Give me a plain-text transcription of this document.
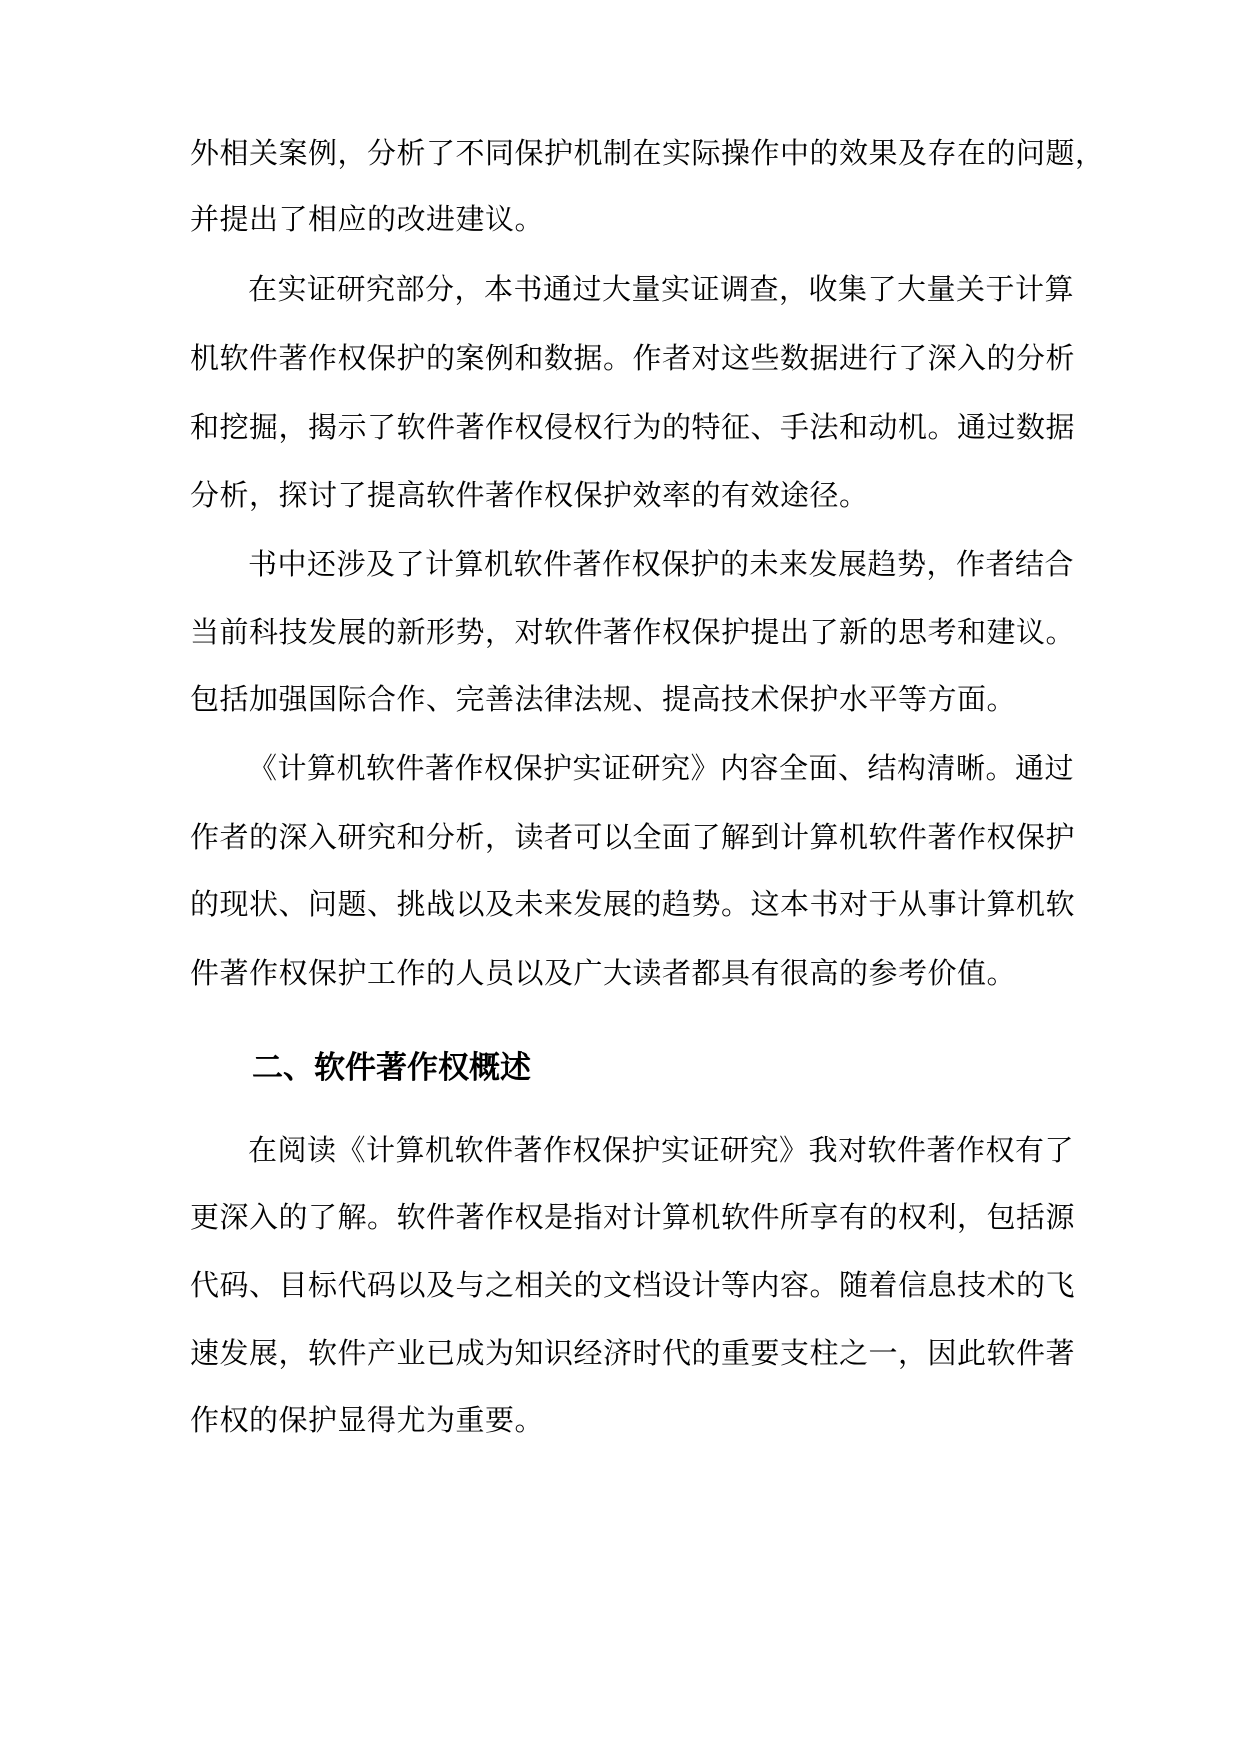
外相关案例，分析了不同保护机制在实际操作中的效果及存在的问题，
并提出了相应的改进建议。
在实证研究部分，本书通过大量实证调查，收集了大量关于计算
机软件著作权保护的案例和数据。作者对这些数据进行了深入的分析
和挖掘，揭示了软件著作权侵权行为的特征、手法和动机。通过数据
分析，探讨了提高软件著作权保护效率的有效途径。
书中还涉及了计算机软件著作权保护的未来发展趋势，作者结合
当前科技发展的新形势，对软件著作权保护提出了新的思考和建议。
包括加强国际合作、完善法律法规、提高技术保护水平等方面。
《计算机软件著作权保护实证研究》内容全面、结构清晰。通过
作者的深入研究和分析，读者可以全面了解到计算机软件著作权保护
的现状、问题、挑战以及未来发展的趋势。这本书对于从事计算机软
件著作权保护工作的人员以及广大读者都具有很高的参考价值。
二、软件著作权概述
在阅读《计算机软件著作权保护实证研究》我对软件著作权有了
更深入的了解。软件著作权是指对计算机软件所享有的权利，包括源
代码、目标代码以及与之相关的文档设计等内容。随着信息技术的飞
速发展，软件产业已成为知识经济时代的重要支柱之一，因此软件著
作权的保护显得尤为重要。
